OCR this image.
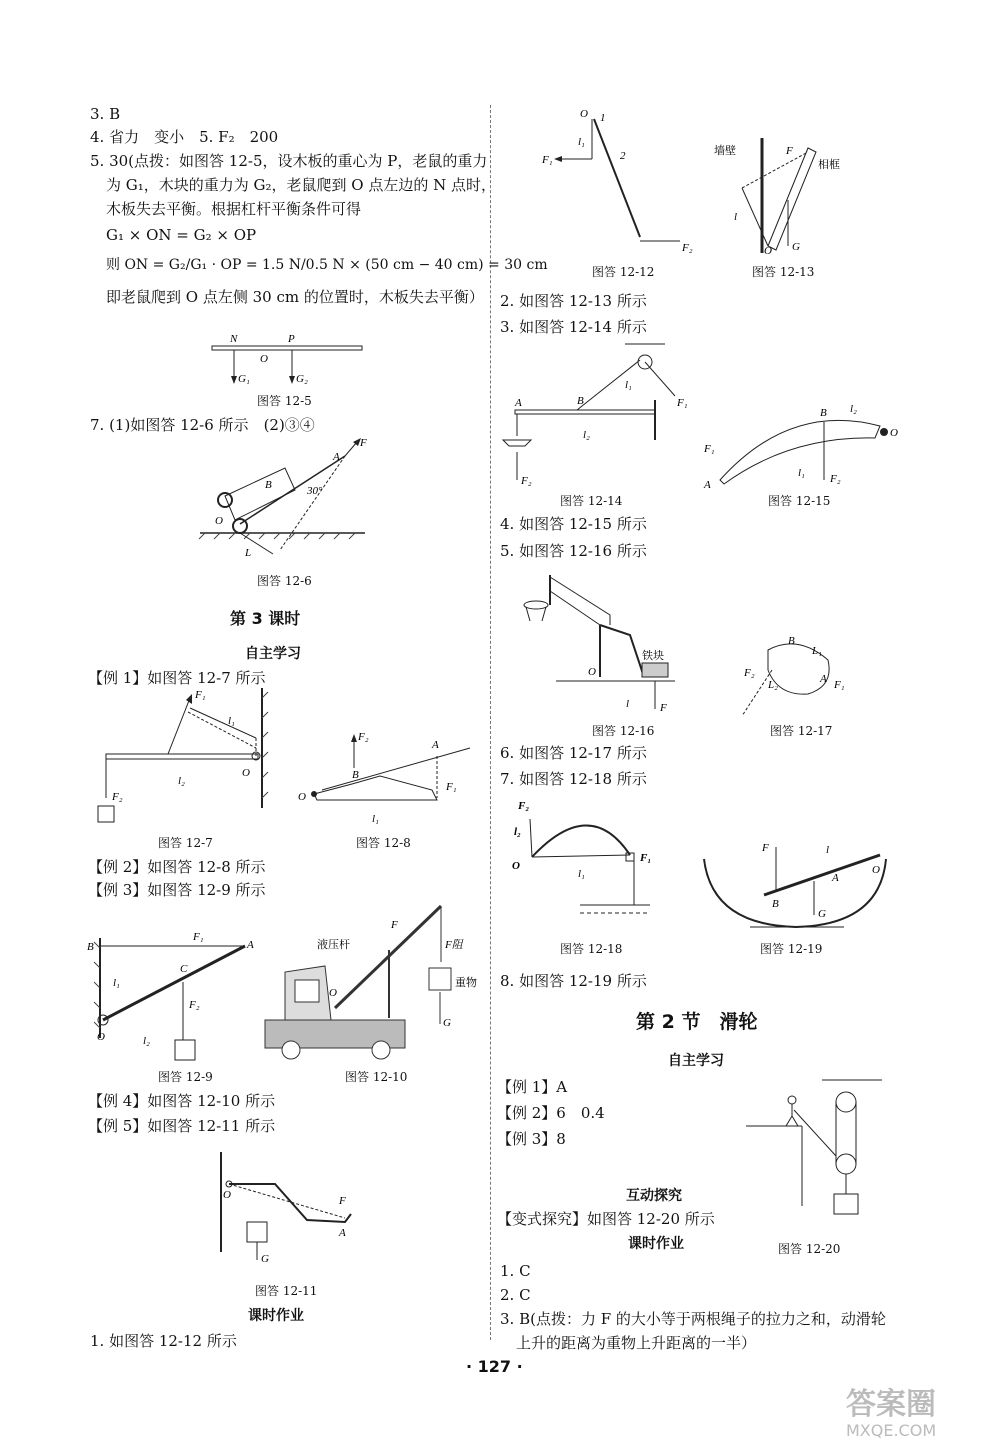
3. B
4. 省力　变小　5. F₂　200
5. 30(点拨：如图答 12-5，设木板的重心为 P，老鼠的重力
为 G₁，木块的重力为 G₂，老鼠爬到 O 点左边的 N 点时，
木板失去平衡。根据杠杆平衡条件可得
G₁ × ON = G₂ × OP
则 ON = G₂/G₁ · OP = 1.5 N/0.5 N × (50 cm − 40 cm) = 30 cm
即老鼠爬到 O 点左侧 30 cm 的位置时，木板失去平衡）
N
O
P
G₁	G₂
图答 12-5
7. (1)如图答 12-6 所示　(2)③④
B
F
A
30°
O
L
图答 12-6
第 3 课时
自主学习
【例 1】如图答 12-7 所示
O
F₁
l₁
F₂
l₂
图答 12-7
O
F₂
B
A
F₁
l₁
图答 12-8
【例 2】如图答 12-8 所示
【例 3】如图答 12-9 所示
B	A
F₁
O
C
F₂
l₁
l₂
图答 12-9
液压杆
F
O
重物
F阻
G
图答 12-10
【例 4】如图答 12-10 所示
【例 5】如图答 12-11 所示
O	F
A
G
图答 12-11
课时作业
1. 如图答 12-12 所示
O 1
l₁
F₁	2
F₂
图答 12-12
墙壁
相框
F
l
O G
图答 12-13
2. 如图答 12-13 所示
3. 如图答 12-14 所示
F₁
l₁
A	B
l₂
F₂
图答 12-14
O
B l₂
F₂
F₁
A
l₁
图答 12-15
4. 如图答 12-15 所示
5. 如图答 12-16 所示
铁块
O
F
l
图答 12-16
B
L₁
F₂
L₂	A F₁
图答 12-17
6. 如图答 12-17 所示
7. 如图答 12-18 所示
F₂
l₂
O
l₁
F₁
图答 12-18
O
l
F
A
B
G
图答 12-19
8. 如图答 12-19 所示
第 2 节　滑轮
自主学习
【例 1】A
【例 2】6　0.4
【例 3】8
图答 12-20
互动探究
【变式探究】如图答 12-20 所示
课时作业
1. C
2. C
3. B(点拨：力 F 的大小等于两根绳子的拉力之和，动滑轮
上升的距离为重物上升距离的一半）
· 127 ·
答案圈
MXQE.COM
